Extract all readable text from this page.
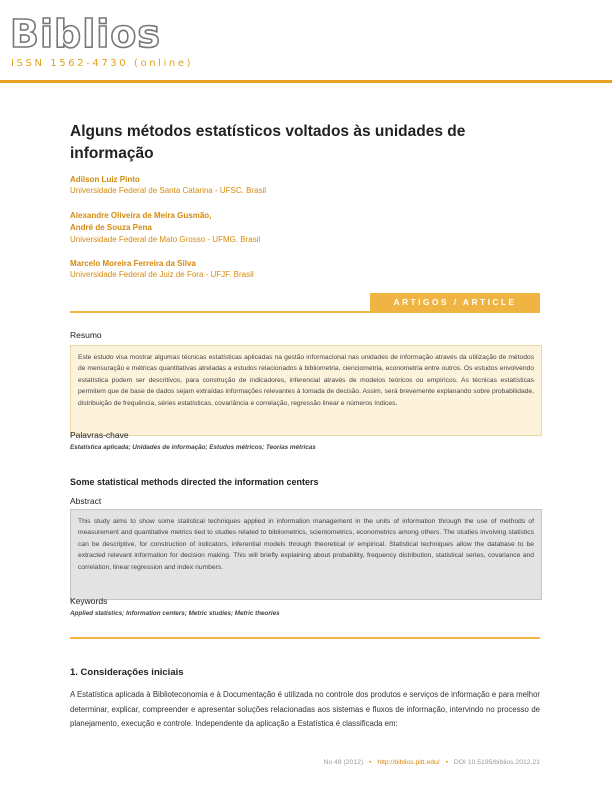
Biblios
ISSN 1562-4730 (online)
Alguns métodos estatísticos voltados às unidades de informação
Adilson Luiz Pinto
Universidade Federal de Santa Catarina - UFSC. Brasil
Alexandre Oliveira de Meira Gusmão,
André de Souza Pena
Universidade Federal de Mato Grosso - UFMG. Brasil
Marcelo Moreira Ferreira da Silva
Universidade Federal de Juiz de Fora - UFJF. Brasil
ARTIGOS / ARTICLE
Resumo
Este estudo visa mostrar algumas técnicas estatísticas aplicadas na gestão informacional nas unidades de informação através da utilização de métodos de mensuração e métricas quantitativas atreladas a estudos relacionados à bibliometria, cienciometria, econometria entre outros. Os estudos envolvendo estatística podem ser descritivos, para construção de indicadores, inferencial através de modelos teóricos ou empíricos. As técnicas estatísticas permitem que de base de dados sejam extraídas informações relevantes à tomada de decisão. Assim, será brevemente explanando sobre probabilidade, distribuição de frequência, séries estatísticas, covariância e correlação, regressão linear e números índices.
Palavras-chave
Estatística aplicada; Unidades de informação; Estudos métricos; Teorias métricas
Some statistical methods directed the information centers
Abstract
This study aims to show some statistical techniques applied in information management in the units of information through the use of methods of measurement and quantitative metrics tied to studies related to bibliometrics, scientometrics, econometrics among others. The studies involving statistics can be descriptive, for construction of indicators, inferential models through theoretical or empirical. Statistical techniques allow the database to be extracted relevant information for decision making. This will briefly explaining about probability, frequency distribution, statistical series, covariance and correlation, linear regression and index numbers.
Keywords
Applied statistics; Information centers; Metric studies; Metric theories
1. Considerações iniciais
A Estatística aplicada à Biblioteconomia e à Documentação é utilizada no controle dos produtos e serviços de informação e para melhor determinar, explicar, compreender e apresentar soluções relacionadas aos sistemas e fluxos de informação, intervindo no processo de planejamento, execução e controle. Independente da aplicação a Estatística é classificada em:
No 48 (2012) • http://biblios.pitt.edu/ • DOI 10.5195/biblios.2012.21
